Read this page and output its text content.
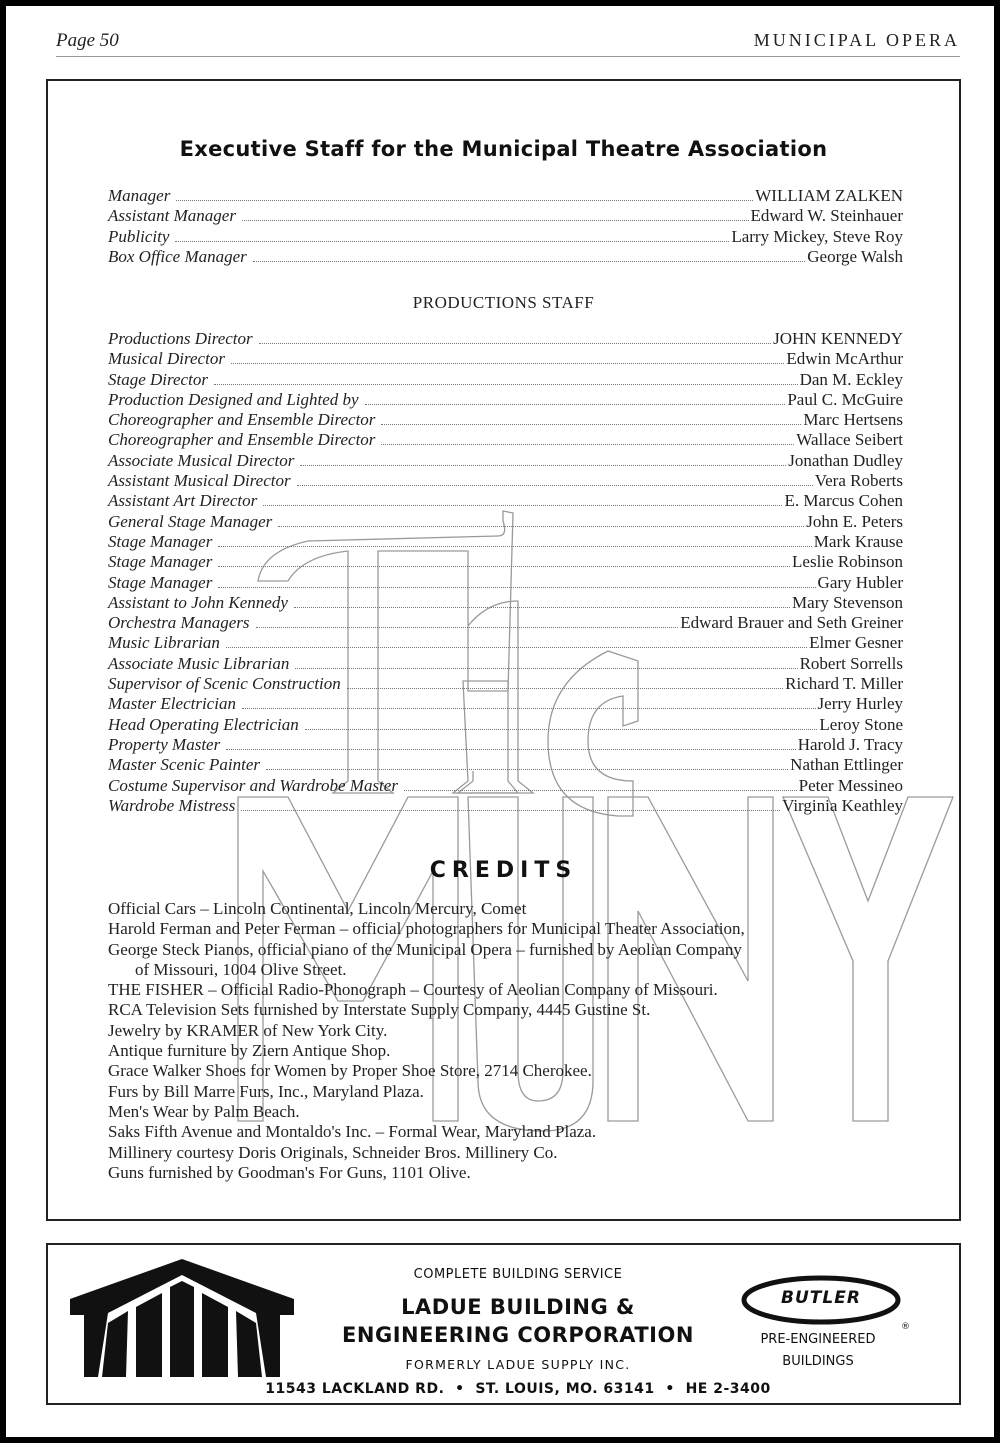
Page 50	MUNICIPAL OPERA
Executive Staff for the Municipal Theatre Association
Manager	WILLIAM ZALKEN
Assistant Manager	Edward W. Steinhauer
Publicity	Larry Mickey, Steve Roy
Box Office Manager	George Walsh
PRODUCTIONS STAFF
Productions Director	JOHN KENNEDY
Musical Director	Edwin McArthur
Stage Director	Dan M. Eckley
Production Designed and Lighted by	Paul C. McGuire
Choreographer and Ensemble Director	Marc Hertsens
Choreographer and Ensemble Director	Wallace Seibert
Associate Musical Director	Jonathan Dudley
Assistant Musical Director	Vera Roberts
Assistant Art Director	E. Marcus Cohen
General Stage Manager	John E. Peters
Stage Manager	Mark Krause
Stage Manager	Leslie Robinson
Stage Manager	Gary Hubler
Assistant to John Kennedy	Mary Stevenson
Orchestra Managers	Edward Brauer and Seth Greiner
Music Librarian	Elmer Gesner
Associate Music Librarian	Robert Sorrells
Supervisor of Scenic Construction	Richard T. Miller
Master Electrician	Jerry Hurley
Head Operating Electrician	Leroy Stone
Property Master	Harold J. Tracy
Master Scenic Painter	Nathan Ettlinger
Costume Supervisor and Wardrobe Master	Peter Messineo
Wardrobe Mistress	Virginia Keathley
CREDITS
Official Cars – Lincoln Continental, Lincoln Mercury, Comet
Harold Ferman and Peter Ferman – official photographers for Municipal Theater Association,
George Steck Pianos, official piano of the Municipal Opera – furnished by Aeolian Company
of Missouri, 1004 Olive Street.
THE FISHER – Official Radio-Phonograph – Courtesy of Aeolian Company of Missouri.
RCA Television Sets furnished by Interstate Supply Company, 4445 Gustine St.
Jewelry by KRAMER of New York City.
Antique furniture by Ziern Antique Shop.
Grace Walker Shoes for Women by Proper Shoe Store, 2714 Cherokee.
Furs by Bill Marre Furs, Inc., Maryland Plaza.
Men's Wear by Palm Beach.
Saks Fifth Avenue and Montaldo's Inc. – Formal Wear, Maryland Plaza.
Millinery courtesy Doris Originals, Schneider Bros. Millinery Co.
Guns furnished by Goodman's For Guns, 1101 Olive.
COMPLETE BUILDING SERVICE
LADUE BUILDING &
ENGINEERING CORPORATION
FORMERLY LADUE SUPPLY INC.
®
BUTLER
PRE-ENGINEERED
BUILDINGS
11543 LACKLAND RD.  •  ST. LOUIS, MO. 63141  •  HE 2-3400
